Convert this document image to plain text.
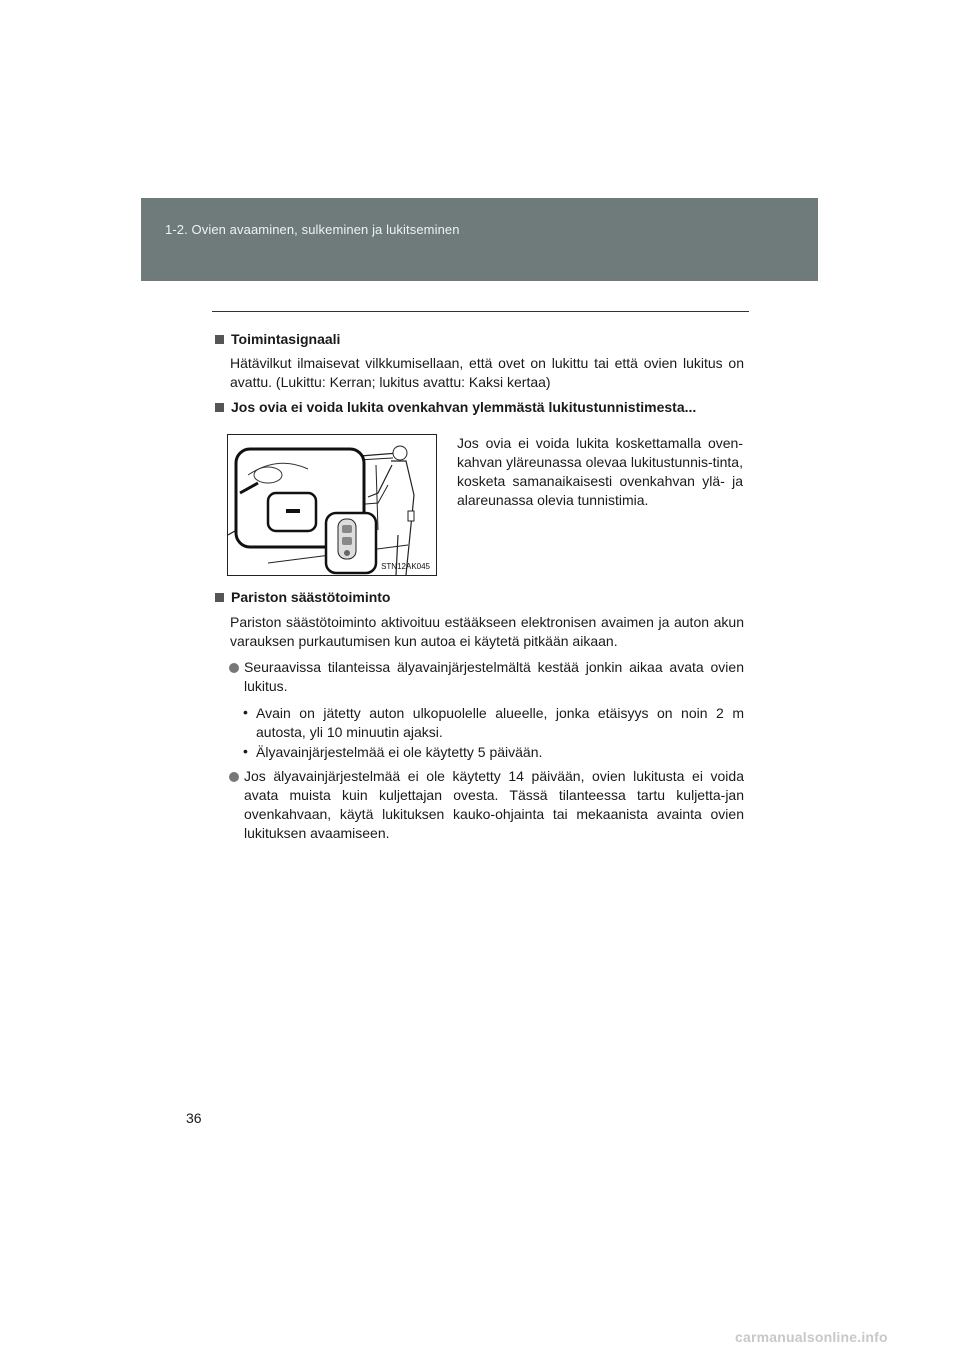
1-2. Ovien avaaminen, sulkeminen ja lukitseminen
Toimintasignaali
Hätävilkut ilmaisevat vilkkumisellaan, että ovet on lukittu tai että ovien lukitus on avattu. (Lukittu: Kerran; lukitus avattu: Kaksi kertaa)
Jos ovia ei voida lukita ovenkahvan ylemmästä lukitustunnistimesta...
STN12AK045
Jos ovia ei voida lukita koskettamalla oven-kahvan yläreunassa olevaa lukitustunnis-tinta, kosketa samanaikaisesti ovenkahvan ylä- ja alareunassa olevia tunnistimia.
Pariston säästötoiminto
Pariston säästötoiminto aktivoituu estääkseen elektronisen avaimen ja auton akun varauksen purkautumisen kun autoa ei käytetä pitkään aikaan.
Seuraavissa tilanteissa älyavainjärjestelmältä kestää jonkin aikaa avata ovien lukitus.
• Avain on jätetty auton ulkopuolelle alueelle, jonka etäisyys on noin 2 m autosta, yli 10 minuutin ajaksi.
• Älyavainjärjestelmää ei ole käytetty 5 päivään.
Jos älyavainjärjestelmää ei ole käytetty 14 päivään, ovien lukitusta ei voida avata muista kuin kuljettajan ovesta. Tässä tilanteessa tartu kuljetta-jan ovenkahvaan, käytä lukituksen kauko-ohjainta tai mekaanista avainta ovien lukituksen avaamiseen.
36
carmanualsonline.info
